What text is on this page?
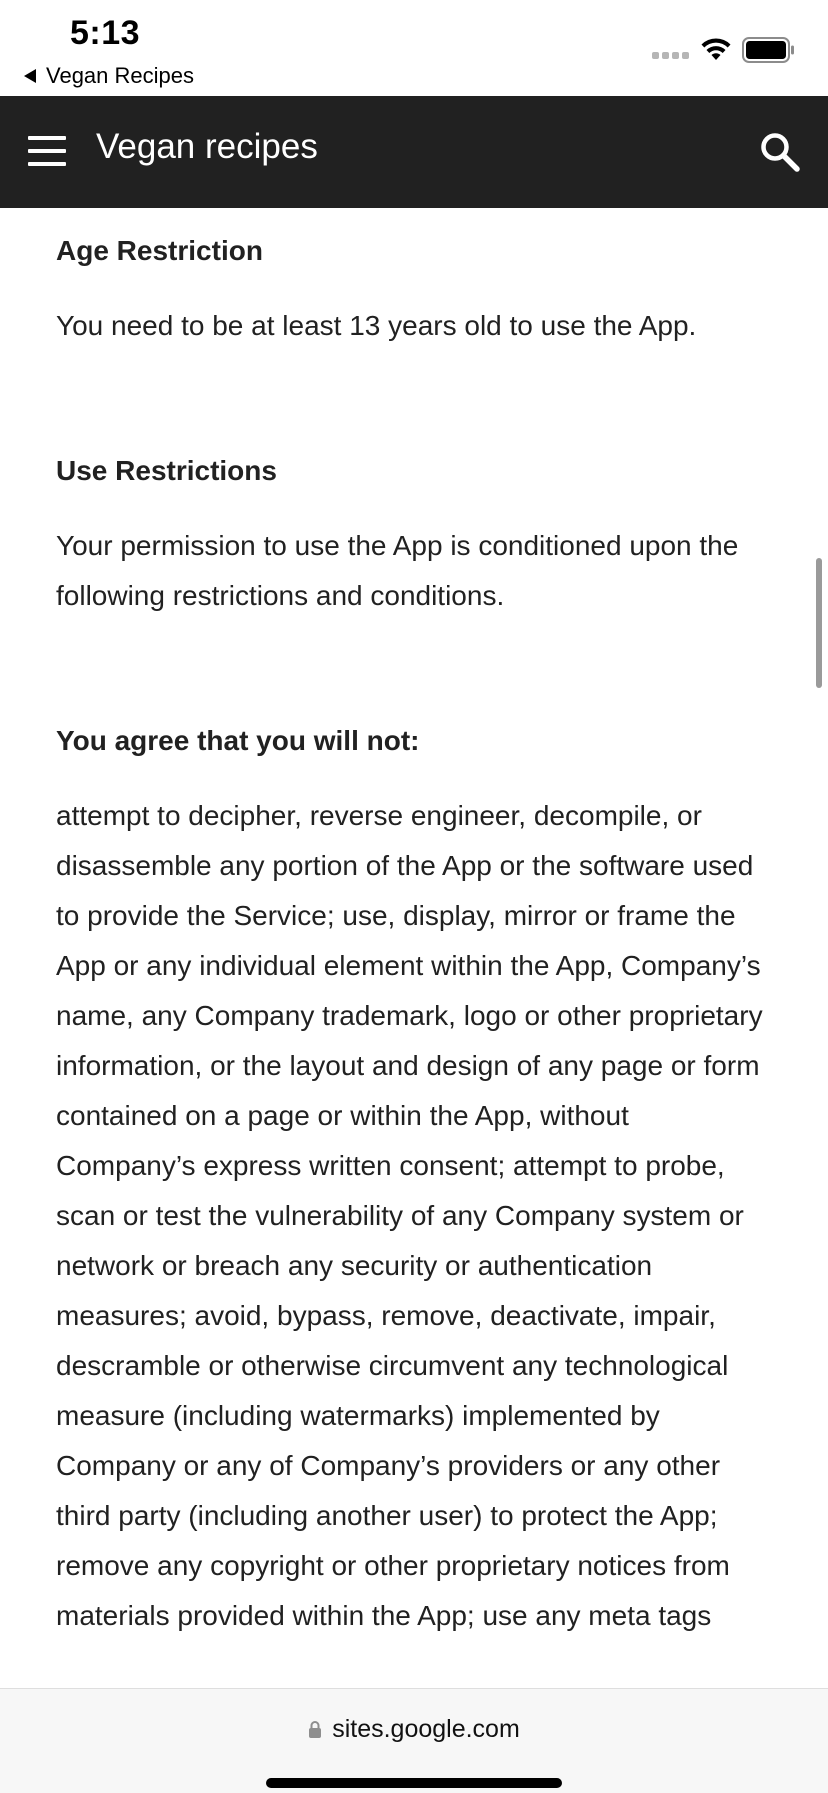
5:13
Vegan Recipes
Vegan recipes
Age Restriction
You need to be at least 13 years old to use the App.
Use Restrictions
Your permission to use the App is conditioned upon the following restrictions and conditions.
You agree that you will not:
attempt to decipher, reverse engineer, decompile, or disassemble any portion of the App or the software used to provide the Service; use, display, mirror or frame the App or any individual element within the App, Company’s name, any Company trademark, logo or other proprietary information, or the layout and design of any page or form contained on a page or within the App, without Company’s express written consent; attempt to probe, scan or test the vulnerability of any Company system or network or breach any security or authentication measures; avoid, bypass, remove, deactivate, impair, descramble or otherwise circumvent any technological measure (including watermarks) implemented by Company or any of Company’s providers or any other third party (including another user) to protect the App; remove any copyright or other proprietary notices from materials provided within the App; use any meta tags
sites.google.com
